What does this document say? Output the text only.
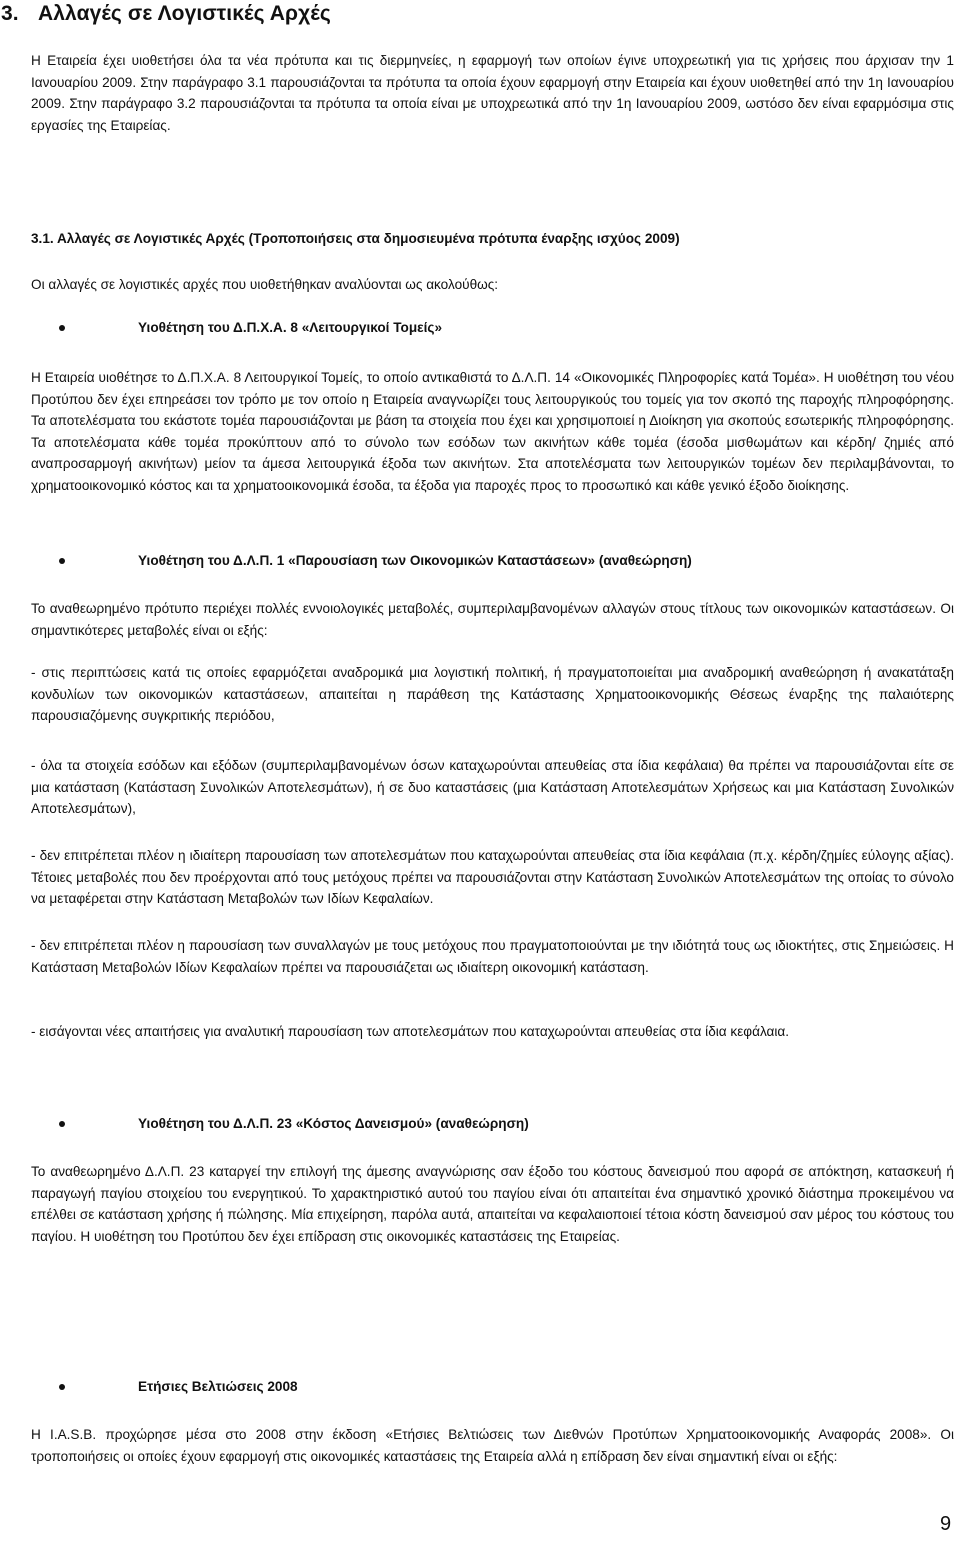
3. Αλλαγές σε Λογιστικές Αρχές

Η Εταιρεία έχει υιοθετήσει όλα τα νέα πρότυπα και τις διερμηνείες, η εφαρμογή των οποίων έγινε υποχρεωτική για τις χρήσεις που άρχισαν την 1 Ιανουαρίου 2009. Στην παράγραφο 3.1 παρουσιάζονται τα πρότυπα τα οποία έχουν εφαρμογή στην Εταιρεία και έχουν υιοθετηθεί από την 1η Ιανουαρίου 2009. Στην παράγραφο 3.2 παρουσιάζονται τα πρότυπα τα οποία είναι με υποχρεωτικά από την 1η Ιανουαρίου 2009, ωστόσο δεν είναι εφαρμόσιμα στις εργασίες της Εταιρείας.

3.1. Αλλαγές σε Λογιστικές Αρχές (Τροποποιήσεις στα δημοσιευμένα πρότυπα έναρξης ισχύος 2009)

Οι αλλαγές σε λογιστικές αρχές που υιοθετήθηκαν αναλύονται ως ακολούθως:

Υιοθέτηση του Δ.Π.Χ.Α. 8 «Λειτουργικοί Τομείς»

Η Εταιρεία υιοθέτησε το Δ.Π.Χ.Α. 8 Λειτουργικοί Τομείς, το οποίο αντικαθιστά το Δ.Λ.Π. 14 «Οικονομικές Πληροφορίες κατά Τομέα». Η υιοθέτηση του νέου Προτύπου δεν έχει επηρεάσει τον τρόπο με τον οποίο η Εταιρεία αναγνωρίζει τους λειτουργικούς του τομείς για τον σκοπό της παροχής πληροφόρησης. Τα αποτελέσματα του εκάστοτε τομέα παρουσιάζονται με βάση τα στοιχεία που έχει και χρησιμοποιεί η Διοίκηση για σκοπούς εσωτερικής πληροφόρησης. Τα αποτελέσματα κάθε τομέα προκύπτουν από το σύνολο των εσόδων των ακινήτων κάθε τομέα (έσοδα μισθωμάτων και κέρδη/ ζημιές από αναπροσαρμογή ακινήτων) μείον τα άμεσα λειτουργικά έξοδα των ακινήτων. Στα αποτελέσματα των λειτουργικών τομέων δεν περιλαμβάνονται, το χρηματοοικονομικό κόστος και τα χρηματοοικονομικά έσοδα, τα έξοδα για παροχές προς το προσωπικό και κάθε γενικό έξοδο διοίκησης.

Υιοθέτηση του Δ.Λ.Π. 1 «Παρουσίαση των Οικονομικών Καταστάσεων» (αναθεώρηση)

Το αναθεωρημένο πρότυπο περιέχει πολλές εννοιολογικές μεταβολές, συμπεριλαμβανομένων αλλαγών στους τίτλους των οικονομικών καταστάσεων. Οι σημαντικότερες μεταβολές είναι οι εξής:

- στις περιπτώσεις κατά τις οποίες εφαρμόζεται αναδρομικά μια λογιστική πολιτική, ή πραγματοποιείται μια αναδρομική αναθεώρηση ή ανακατάταξη κονδυλίων των οικονομικών καταστάσεων, απαιτείται η παράθεση της Κατάστασης Χρηματοοικονομικής Θέσεως έναρξης της παλαιότερης παρουσιαζόμενης συγκριτικής περιόδου,

- όλα τα στοιχεία εσόδων και εξόδων (συμπεριλαμβανομένων όσων καταχωρούνται απευθείας στα ίδια κεφάλαια) θα πρέπει να παρουσιάζονται είτε σε μια κατάσταση (Κατάσταση Συνολικών Αποτελεσμάτων), ή σε δυο καταστάσεις (μια Κατάσταση Αποτελεσμάτων Χρήσεως και μια Κατάσταση Συνολικών Αποτελεσμάτων),

- δεν επιτρέπεται πλέον η ιδιαίτερη παρουσίαση των αποτελεσμάτων που καταχωρούνται απευθείας στα ίδια κεφάλαια (π.χ. κέρδη/ζημίες εύλογης αξίας). Τέτοιες μεταβολές που δεν προέρχονται από τους μετόχους πρέπει να παρουσιάζονται στην Κατάσταση Συνολικών Αποτελεσμάτων της οποίας το σύνολο να μεταφέρεται στην Κατάσταση Μεταβολών των Ιδίων Κεφαλαίων.

- δεν επιτρέπεται πλέον η παρουσίαση των συναλλαγών με τους μετόχους που πραγματοποιούνται με την ιδιότητά τους ως ιδιοκτήτες, στις Σημειώσεις. Η Κατάσταση Μεταβολών Ιδίων Κεφαλαίων πρέπει να παρουσιάζεται ως ιδιαίτερη οικονομική κατάσταση.

- εισάγονται νέες απαιτήσεις για αναλυτική παρουσίαση των αποτελεσμάτων που καταχωρούνται απευθείας στα ίδια κεφάλαια.

Υιοθέτηση του Δ.Λ.Π. 23 «Κόστος Δανεισμού» (αναθεώρηση)

Το αναθεωρημένο Δ.Λ.Π. 23 καταργεί την επιλογή της άμεσης αναγνώρισης σαν έξοδο του κόστους δανεισμού που αφορά σε απόκτηση, κατασκευή ή παραγωγή παγίου στοιχείου του ενεργητικού. Το χαρακτηριστικό αυτού του παγίου είναι ότι απαιτείται ένα σημαντικό χρονικό διάστημα προκειμένου να επέλθει σε κατάσταση χρήσης ή πώλησης. Μία επιχείρηση, παρόλα αυτά, απαιτείται να κεφαλαιοποιεί τέτοια κόστη δανεισμού σαν μέρος του κόστους του παγίου. Η υιοθέτηση του Προτύπου δεν έχει επίδραση στις οικονομικές καταστάσεις της Εταιρείας.

Ετήσιες Βελτιώσεις 2008

Η I.A.S.B. προχώρησε μέσα στο 2008 στην έκδοση «Ετήσιες Βελτιώσεις των Διεθνών Προτύπων Χρηματοοικονομικής Αναφοράς 2008». Οι τροποποιήσεις οι οποίες έχουν εφαρμογή στις οικονομικές καταστάσεις της Εταιρεία αλλά η επίδραση δεν είναι σημαντική είναι οι εξής:

9
